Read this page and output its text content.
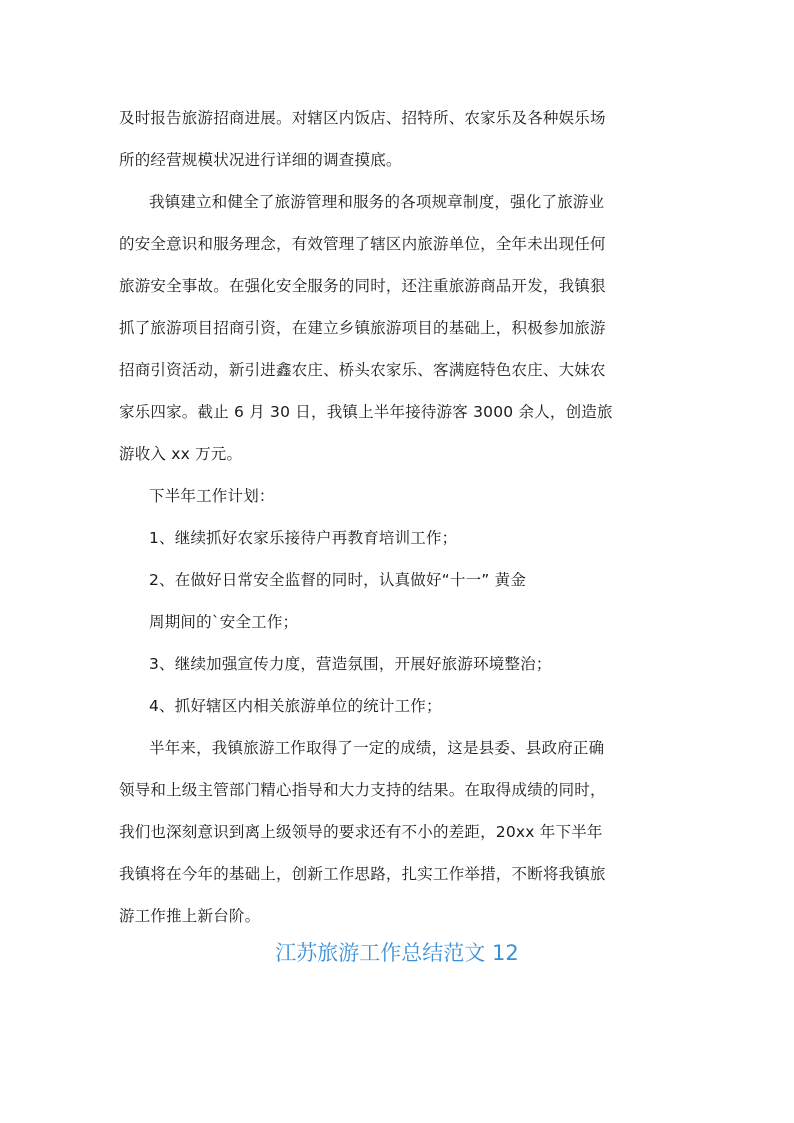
及时报告旅游招商进展。对辖区内饭店、招特所、农家乐及各种娱乐场
所的经营规模状况进行详细的调查摸底。
我镇建立和健全了旅游管理和服务的各项规章制度，强化了旅游业
的安全意识和服务理念，有效管理了辖区内旅游单位，全年未出现任何
旅游安全事故。在强化安全服务的同时，还注重旅游商品开发，我镇狠
抓了旅游项目招商引资，在建立乡镇旅游项目的基础上，积极参加旅游
招商引资活动，新引进鑫农庄、桥头农家乐、客满庭特色农庄、大妹农
家乐四家。截止 6 月 30 日，我镇上半年接待游客 3000 余人，创造旅
游收入 xx 万元。
下半年工作计划：
1、继续抓好农家乐接待户再教育培训工作；
2、在做好日常安全监督的同时，认真做好“十一” 黄金
周期间的`安全工作；
3、继续加强宣传力度，营造氛围，开展好旅游环境整治；
4、抓好辖区内相关旅游单位的统计工作；
半年来，我镇旅游工作取得了一定的成绩，这是县委、县政府正确
领导和上级主管部门精心指导和大力支持的结果。在取得成绩的同时，
我们也深刻意识到离上级领导的要求还有不小的差距，20xx 年下半年
我镇将在今年的基础上，创新工作思路，扎实工作举措，不断将我镇旅
游工作推上新台阶。
江苏旅游工作总结范文 12
